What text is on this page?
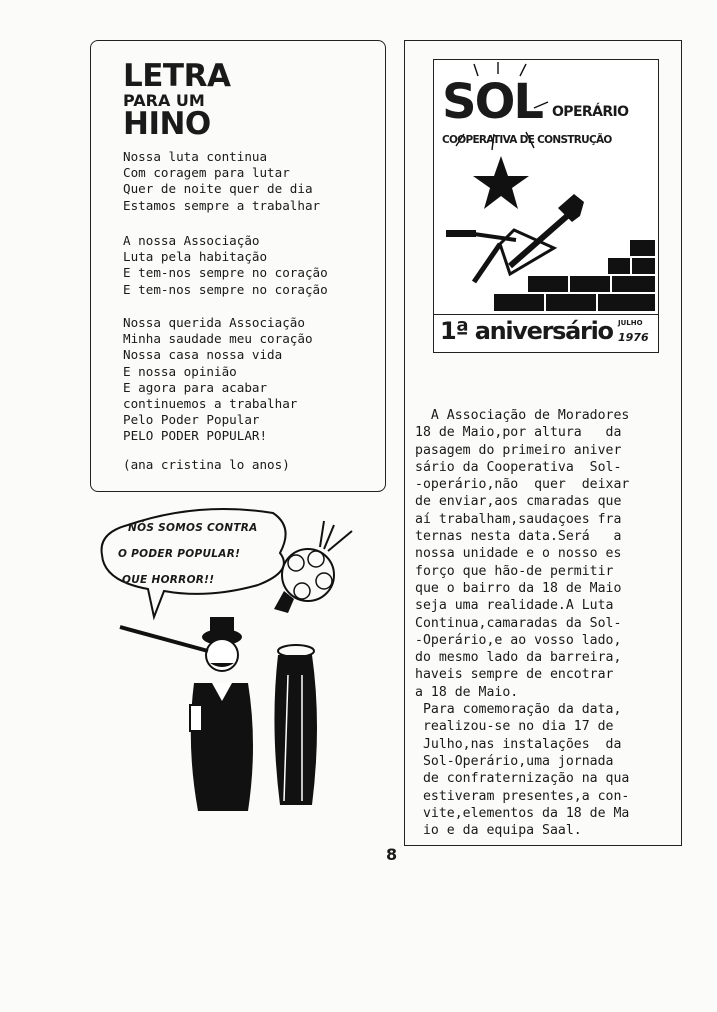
LETRA
PARA UM
HINO
Nossa luta continua
Com coragem para lutar
Quer de noite quer de dia
Estamos sempre a trabalhar
A nossa Associação
Luta pela habitação
E tem-nos sempre no coração
E tem-nos sempre no coração
Nossa querida Associação
Minha saudade meu coração
Nossa casa nossa vida
E nossa opinião
E agora para acabar
continuemos a trabalhar
Pelo Poder Popular
PELO PODER POPULAR!
(ana cristina lo anos)
SOL OPERÁRIO
COOPERATIVA DE CONSTRUÇÃO
1ª aniversário JULHO
1976
A Associação de Moradores
18 de Maio,por altura   da
pasagem do primeiro aniver
sário da Cooperativa  Sol-
-operário,não  quer  deixar
de enviar,aos cmaradas que
aí trabalham,saudaçoes fra
ternas nesta data.Será   a
nossa unidade e o nosso es
forço que hão-de permitir
que o bairro da 18 de Maio
seja uma realidade.A Luta
Continua,camaradas da Sol-
-Operário,e ao vosso lado,
do mesmo lado da barreira,
haveis sempre de encotrar
a 18 de Maio.
Para comemoração da data,
realizou-se no dia 17 de
Julho,nas instalações  da
Sol-Operário,uma jornada
de confraternização na qua
estiveram presentes,a con-
vite,elementos da 18 de Ma
io e da equipa Saal.
NÓS SOMOS CONTRA
O PODER POPULAR!
QUE HORROR!!
8
